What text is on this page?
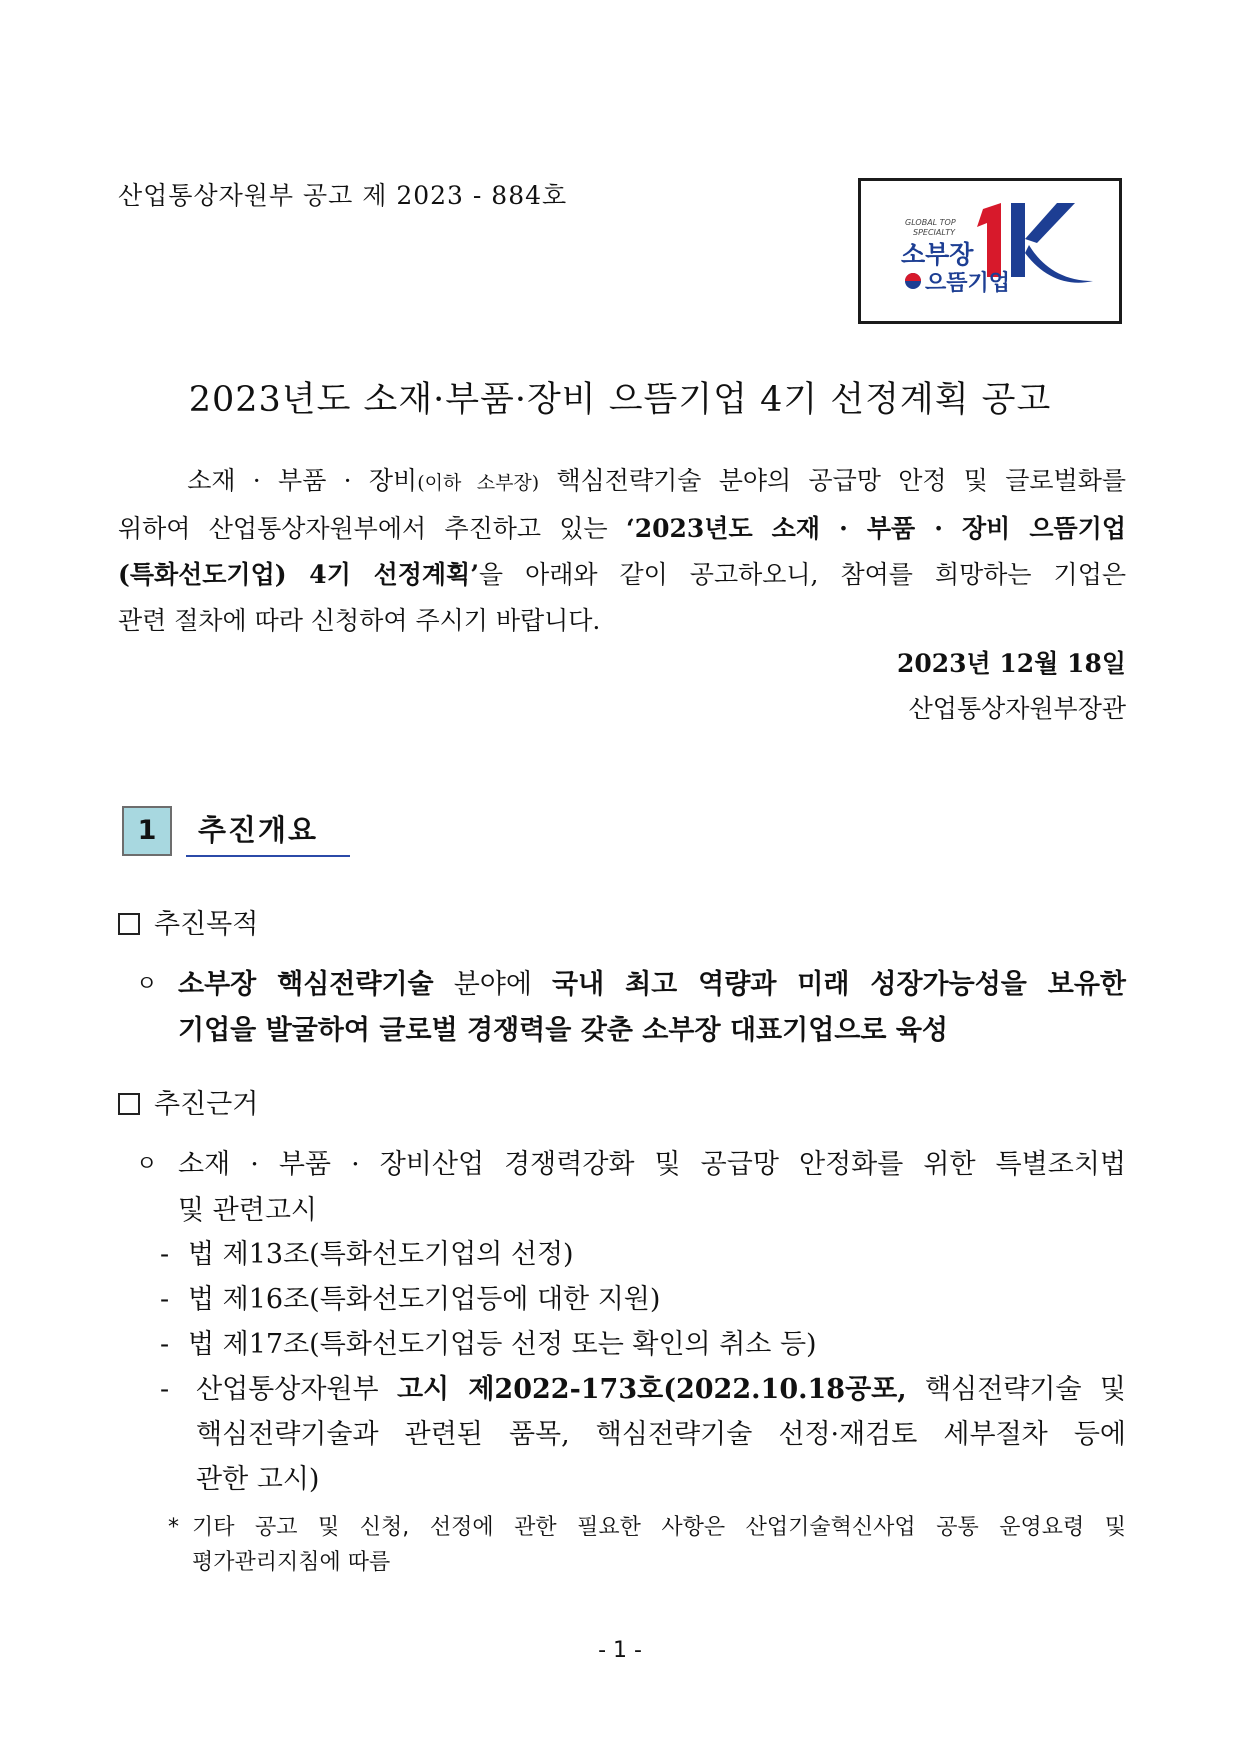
산업통상자원부 공고 제 2023 - 884호
GLOBAL TOP
SPECIALTY
소부장
으뜸기업
2023년도 소재·부품·장비 으뜸기업 4기 선정계획 공고
소재 · 부품 · 장비(이하 소부장) 핵심전략기술 분야의 공급망 안정 및 글로벌화를
위하여 산업통상자원부에서 추진하고 있는 ‘2023년도 소재 · 부품 · 장비 으뜸기업
(특화선도기업) 4기 선정계획’을 아래와 같이 공고하오니, 참여를 희망하는 기업은
관련 절차에 따라 신청하여 주시기 바랍니다.
2023년 12월 18일
산업통상자원부장관
1	추진개요
추진목적
ㅇ 소부장 핵심전략기술 분야에 국내 최고 역량과 미래 성장가능성을 보유한
기업을 발굴하여 글로벌 경쟁력을 갖춘 소부장 대표기업으로 육성
추진근거
ㅇ 소재 · 부품 · 장비산업 경쟁력강화 및 공급망 안정화를 위한 특별조치법
및 관련고시
- 법 제13조(특화선도기업의 선정)
- 법 제16조(특화선도기업등에 대한 지원)
- 법 제17조(특화선도기업등 선정 또는 확인의 취소 등)
- 산업통상자원부 고시 제2022-173호(2022.10.18공포, 핵심전략기술 및
핵심전략기술과 관련된 품목, 핵심전략기술 선정·재검토 세부절차 등에
관한 고시)
* 기타 공고 및 신청, 선정에 관한 필요한 사항은 산업기술혁신사업 공통 운영요령 및
평가관리지침에 따름
- 1 -
